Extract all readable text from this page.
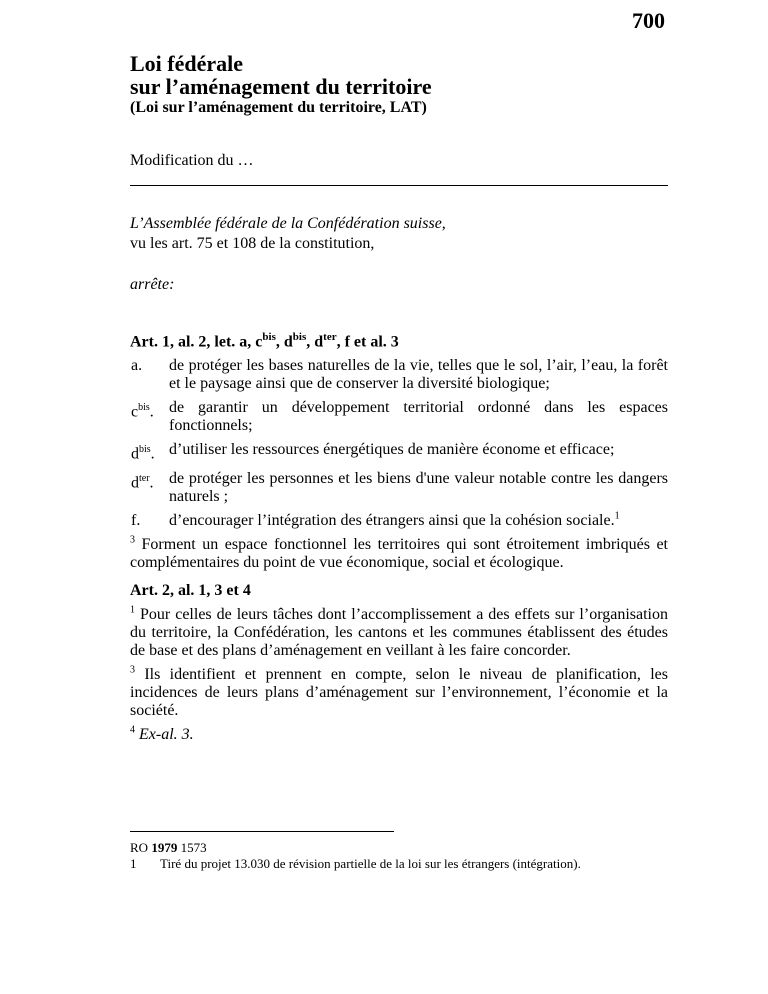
700
Loi fédérale
sur l’aménagement du territoire
(Loi sur l’aménagement du territoire, LAT)
Modification du …
L’Assemblée fédérale de la Confédération suisse,
vu les art. 75 et 108 de la constitution,
arrête:
Art. 1, al. 2, let. a, $c^{bis}$, $d^{bis}$, $d^{ter}$, f et al. 3
a.	de protéger les bases naturelles de la vie, telles que le sol, l’air, l’eau, la forêt et le paysage ainsi que de conserver la diversité biologique;
$c^{bis}$. de garantir un développement territorial ordonné dans les espaces fonctionnels;
$d^{bis}$. d’utiliser les ressources énergétiques de manière économe et efficace;
$d^{ter}$. de protéger les personnes et les biens d'une valeur notable contre les dangers naturels ;
f.	d’encourager l’intégration des étrangers ainsi que la cohésion sociale.$^1$
$^3$ Forment un espace fonctionnel les territoires qui sont étroitement imbriqués et complémentaires du point de vue économique, social et écologique.
Art. 2, al. 1, 3 et 4
$^1$ Pour celles de leurs tâches dont l’accomplissement a des effets sur l’organisation du territoire, la Confédération, les cantons et les communes établissent des études de base et des plans d’aménagement en veillant à les faire concorder.
$^3$ Ils identifient et prennent en compte, selon le niveau de planification, les incidences de leurs plans d’aménagement sur l’environnement, l’économie et la société.
$^4$ Ex-al. 3.
RO 1979 1573
1	Tiré du projet 13.030 de révision partielle de la loi sur les étrangers (intégration).
